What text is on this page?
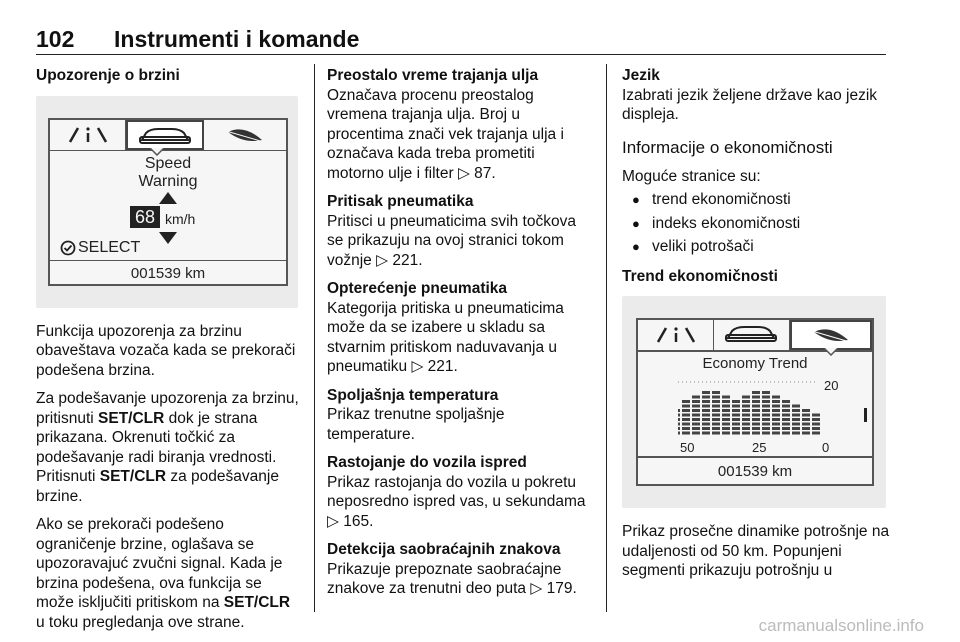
102 Instrumenti i komande

Upozorenje o brzini

Speed
Warning
68 km/h
SELECT
001539 km

Funkcija upozorenja za brzinu obaveštava vozača kada se prekorači podešena brzina.

Za podešavanje upozorenja za brzinu, pritisnuti SET/CLR dok je strana prikazana. Okrenuti točkić za podešavanje radi biranja vrednosti. Pritisnuti SET/CLR za podešavanje brzine.

Ako se prekorači podešeno ograničenje brzine, oglašava se upozoravajuć zvučni signal. Kada je brzina podešena, ova funkcija se može isključiti pritiskom na SET/CLR u toku pregledanja ove strane.

Preostalo vreme trajanja ulja

Označava procenu preostalog vremena trajanja ulja. Broj u procentima znači vek trajanja ulja i označava kada treba prometiti motorno ulje i filter ▷ 87.

Pritisak pneumatika

Pritisci u pneumaticima svih točkova se prikazuju na ovoj stranici tokom vožnje ▷ 221.

Opterećenje pneumatika

Kategorija pritiska u pneumaticima može da se izabere u skladu sa stvarnim pritiskom naduvavanja u pneumatiku ▷ 221.

Spoljašnja temperatura

Prikaz trenutne spoljašnje temperature.

Rastojanje do vozila ispred

Prikaz rastojanja do vozila u pokretu neposredno ispred vas, u sekundama ▷ 165.

Detekcija saobraćajnih znakova

Prikazuje prepoznate saobraćajne znakove za trenutni deo puta ▷ 179.

Jezik

Izabrati jezik željene države kao jezik displeja.

Informacije o ekonomičnosti

Moguće stranice su:

● trend ekonomičnosti
● indeks ekonomičnosti
● veliki potrošači

Trend ekonomičnosti

Economy Trend
20
50	25	0
001539 km

Prikaz prosečne dinamike potrošnje na udaljenosti od 50 km. Popunjeni segmenti prikazuju potrošnju u

carmanualsonline.info
